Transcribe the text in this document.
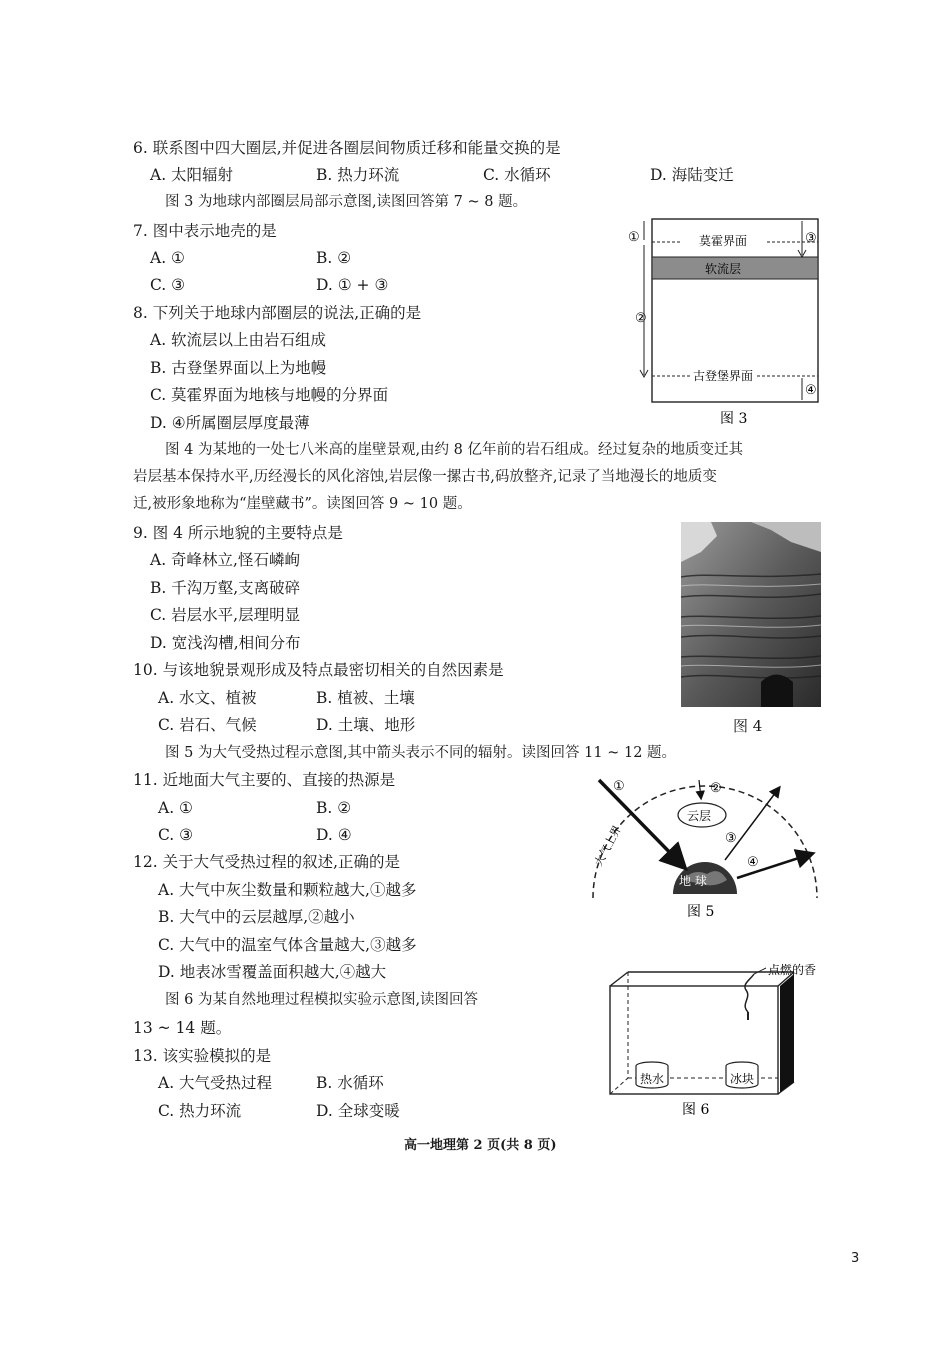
6. 联系图中四大圈层,并促进各圈层间物质迁移和能量交换的是
A. 太阳辐射	B. 热力环流	C. 水循环	D. 海陆变迁
图 3 为地球内部圈层局部示意图,读图回答第 7 ~ 8 题。
7. 图中表示地壳的是
A. ①	B. ②
C. ③	D. ① + ③
8. 下列关于地球内部圈层的说法,正确的是
A. 软流层以上由岩石组成
B. 古登堡界面以上为地幔
C. 莫霍界面为地核与地幔的分界面
D. ④所属圈层厚度最薄
莫霍界面
软流层
古登堡界面
①
②
③
④
图 3
图 4 为某地的一处七八米高的崖壁景观,由约 8 亿年前的岩石组成。经过复杂的地质变迁其
岩层基本保持水平,历经漫长的风化溶蚀,岩层像一摞古书,码放整齐,记录了当地漫长的地质变
迁,被形象地称为“崖壁藏书”。读图回答 9 ~ 10 题。
9. 图 4 所示地貌的主要特点是
A. 奇峰林立,怪石嶙峋
B. 千沟万壑,支离破碎
C. 岩层水平,层理明显
D. 宽浅沟槽,相间分布
10. 与该地貌景观形成及特点最密切相关的自然因素是
A. 水文、植被	B. 植被、土壤
C. 岩石、气候	D. 土壤、地形	图 4
图 5 为大气受热过程示意图,其中箭头表示不同的辐射。读图回答 11 ~ 12 题。
11. 近地面大气主要的、直接的热源是
A. ①	B. ②
C. ③	D. ④
12. 关于大气受热过程的叙述,正确的是
A. 大气中灰尘数量和颗粒越大,①越多
B. 大气中的云层越厚,②越小
C. 大气中的温室气体含量越大,③越多
D. 地表冰雪覆盖面积越大,④越大
大气上界
地 球
云层
①	②
③
④
图 5
图 6 为某自然地理过程模拟实验示意图,读图回答
13 ~ 14 题。
13. 该实验模拟的是
A. 大气受热过程	B. 水循环
C. 热力环流	D. 全球变暖
点燃的香
热水	冰块
图 6
高一地理第 2 页(共 8 页)
3
